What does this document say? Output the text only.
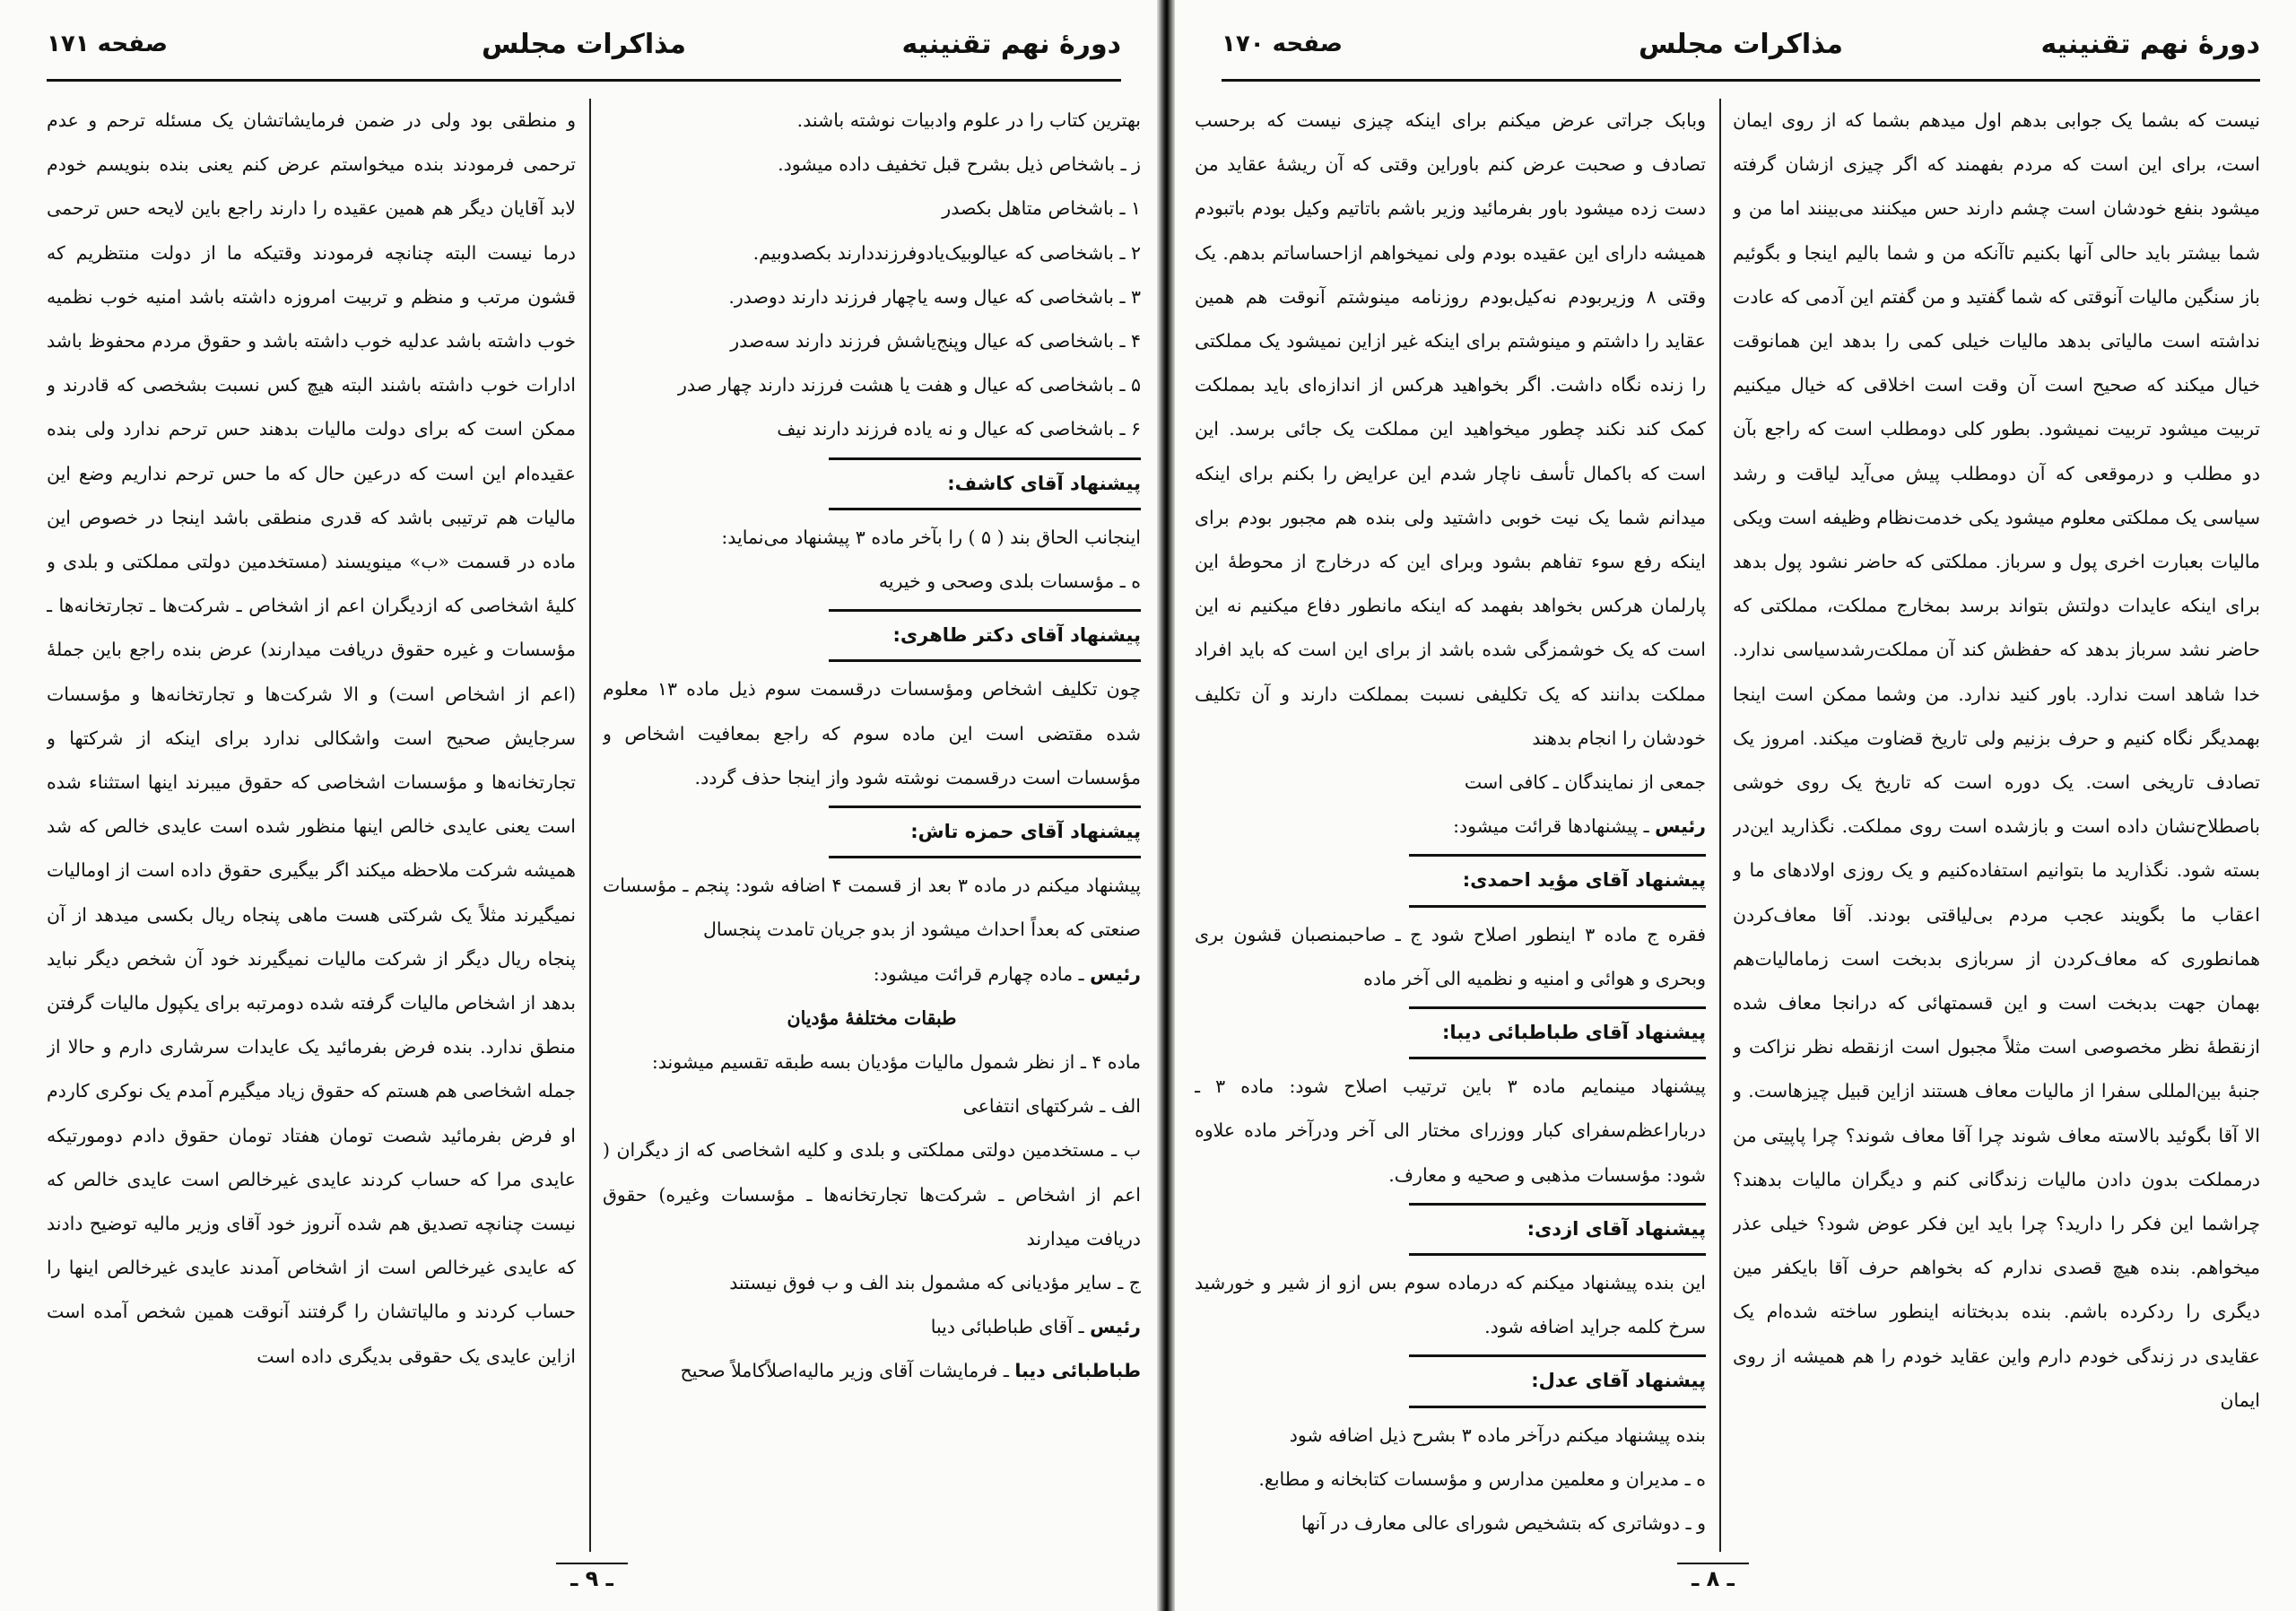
دورهٔ نهم تقنینیه
مذاکرات مجلس
صفحه ۱۷۱

بهترین کتاب را در علوم وادبیات نوشته باشند.

ز ـ باشخاص ذیل بشرح قبل تخفیف داده میشود.

۱ ـ باشخاص متاهل بکصدر

۲ ـ باشخاصی که عیالوبیک‌یادوفرزنددارند بکصدوبیم.

۳ ـ باشخاصی که عیال وسه یاچهار فرزند دارند دوصدر.

۴ ـ باشخاصی که عیال وپنج‌یاشش فرزند دارند سه‌صدر

۵ ـ باشخاصی که عیال و هفت یا هشت فرزند دارند چهار صدر

۶ ـ باشخاصی که عیال و نه یاده فرزند دارند نیف

پیشنهاد آقای کاشف:

اینجانب الحاق بند ( ۵ ) را بآخر ماده ۳ پیشنهاد می‌نماید:

ه ـ مؤسسات بلدی وصحی و خیریه

پیشنهاد آقای دکتر طاهری:

چون تکلیف اشخاص ومؤسسات درقسمت سوم ذیل ماده ۱۳ معلوم شده مقتضی است این ماده سوم که راجع بمعافیت اشخاص و مؤسسات است درقسمت نوشته شود واز اینجا حذف گردد.

پیشنهاد آقای حمزه تاش:

پیشنهاد میکنم در ماده ۳ بعد از قسمت ۴ اضافه شود: پنجم ـ مؤسسات صنعتی که بعداً احداث میشود از بدو جریان تامدت پنجسال

رئیس ـ ماده چهارم قرائت میشود:

طبقات مختلفهٔ مؤدیان

ماده ۴ ـ از نظر شمول مالیات مؤدیان بسه طبقه تقسیم میشوند:

الف ـ شرکتهای انتفاعی

ب ـ مستخدمین دولتی مملکتی و بلدی و کلیه اشخاصی که از دیگران ( اعم از اشخاص ـ شرکت‌ها تجارتخانه‌ها ـ مؤسسات وغیره) حقوق دریافت میدارند

ج ـ سایر مؤدیانی که مشمول بند الف و ب فوق نیستند

رئیس ـ آقای طباطبائی دیبا

طباطبائی دیبا ـ فرمایشات آقای وزیر مالیه‌اصلاً‌کاملاً صحیح

و منطقی بود ولی در ضمن فرمایشاتشان یک مسئله ترحم و عدم ترحمی فرمودند بنده میخواستم عرض کنم یعنی بنده بنویسم خودم لابد آقایان دیگر هم همین عقیده را دارند راجع باین لایحه حس ترحمی درما نیست البته چنانچه فرمودند وقتیکه ما از دولت منتظریم که قشون مرتب و منظم و تربیت امروزه داشته باشد امنیه خوب نظمیه خوب داشته باشد عدلیه خوب داشته باشد و حقوق مردم محفوظ باشد ادارات خوب داشته باشند البته هیچ کس نسبت بشخصی که قادرند و ممکن است که برای دولت مالیات بدهند حس ترحم ندارد ولی بنده عقیده‌ام این است که درعین حال که ما حس ترحم نداریم وضع این مالیات هم ترتیبی باشد که قدری منطقی باشد اینجا در خصوص این ماده در قسمت «ب» مینویسند (مستخدمین دولتی مملکتی و بلدی و کلیهٔ اشخاصی که ازدیگران اعم از اشخاص ـ شرکت‌ها ـ تجارتخانه‌ها ـ مؤسسات و غیره حقوق دریافت میدارند) عرض بنده راجع باین جملهٔ (اعم از اشخاص است) و الا شرکت‌ها و تجارتخانه‌ها و مؤسسات سرجایش صحیح است واشکالی ندارد برای اینکه از شرکتها و تجارتخانه‌ها و مؤسسات اشخاصی که حقوق میبرند اینها استثناء شده است یعنی عایدی خالص اینها منظور شده است عایدی خالص که شد همیشه شرکت ملاحظه میکند اگر بیگیری حقوق داده است از اوماليات نمیگیرند مثلاً یک شرکتی هست ماهی پنجاه ریال بکسی میدهد از آن پنجاه ریال دیگر از شرکت مالیات نمیگیرند خود آن شخص دیگر نباید بدهد از اشخاص مالیات گرفته شده دومرتبه برای یکپول مالیات گرفتن منطق ندارد. بنده فرض بفرمائید یک عایدات سرشاری دارم و حالا از جمله اشخاصی هم هستم که حقوق زیاد میگیرم آمدم یک نوکری کاردم او فرض بفرمائید شصت تومان هفتاد تومان حقوق دادم دومورتیکه عایدی مرا که حساب کردند عایدی غیرخالص است عایدی خالص که نیست چنانچه تصدیق هم شده آنروز خود آقای وزیر مالیه توضیح دادند که عایدی غیرخالص است از اشخاص آمدند عایدی غیرخالص اینها را حساب کردند و مالیاتشان را گرفتند آنوقت همین شخص آمده است ازاین عایدی یک حقوقی بدیگری داده است

ـ ۹ ـ
دورهٔ نهم تقنینیه
مذاکرات مجلس
صفحه ۱۷۰

نیست که بشما یک جوابی بدهم اول میدهم بشما که از روی ایمان است، برای این است که مردم بفهمند که اگر چیزی ازشان گرفته میشود بنفع خودشان است چشم دارند حس میکنند می‌بینند اما من و شما بیشتر باید حالی آنها بکنیم تاآنکه من و شما بالیم اینجا و بگوئیم باز سنگین مالیات آنوقتی که شما گفتید و من گفتم این آدمی که عادت نداشته است مالیاتی بدهد مالیات خیلی کمی را بدهد این همانوقت خیال میکند که صحیح است آن وقت است اخلاقی که خیال میکنیم تربیت میشود تربیت نمیشود. بطور کلی دومطلب است که راجع بآن دو مطلب و درموقعی که آن دومطلب پیش می‌آید لیاقت و رشد سیاسی یک مملکتی معلوم میشود یکی خدمت‌نظام وظیفه است ویکی مالیات بعبارت اخری پول و سرباز. مملکتی که حاضر نشود پول بدهد برای اینکه عایدات دولتش بتواند برسد بمخارج مملکت، مملکتی که حاضر نشد سرباز بدهد که حفظش کند آن مملکت‌رشدسیاسی ندارد. خدا شاهد است ندارد. باور کنید ندارد. من وشما ممکن است اینجا بهمدیگر نگاه کنیم و حرف بزنیم ولی تاریخ قضاوت میکند. امروز یک تصادف تاریخی است. یک دوره است که تاریخ یک روی خوشی باصطلاح‌نشان داده است و بازشده است روی مملکت. نگذارید این‌در بسته شود. نگذارید ما بتوانیم استفاده‌کنیم و یک روزی اولادهای ما و اعقاب ما بگویند عجب مردم بی‌لیاقتی بودند. آقا معاف‌کردن همانطوری که معاف‌کردن از سربازی بدبخت است زمامالیات‌هم بهمان جهت بدبخت است و این قسمتهائی که درانجا معاف شده ازنقطهٔ نظر مخصوصی است مثلاً مجبول است ازنقطه نظر نزاکت و جنبهٔ بین‌المللی سفرا از مالیات معاف هستند ازاین قبیل چیزهاست. و الا آقا بگوئید بالاسته معاف شوند چرا آقا معاف شوند؟ چرا پاپیتی من درمملکت بدون دادن مالیات زندگانی کنم و دیگران مالیات بدهند؟ چراشما این فکر را دارید؟ چرا باید این فکر عوض شود؟ خیلی عذر میخواهم. بنده هیچ قصدی ندارم که بخواهم حرف آقا بایکفر مین دیگری را ردکرده باشم. بنده بدبختانه اینطور ساخته شده‌ام یک عقایدی در زندگی خودم دارم واین عقاید خودم را هم همیشه از روی ایمان

وبابک جراتی عرض میکنم برای اینکه چیزی نیست که برحسب تصادف و صحبت عرض کنم باوراین وقتی که آن ریشهٔ عقاید من دست زده میشود باور بفرمائید وزیر باشم باتاتیم وکیل بودم باتبودم همیشه دارای این عقیده بودم ولی نمیخواهم ازاحساساتم بدهم. یک وقتی ۸ وزیربودم نه‌کیل‌بودم روزنامه مینوشتم آنوقت هم همین عقاید را داشتم و مینوشتم برای اینکه غیر ازاین نمیشود یک مملکتی را زنده نگاه داشت. اگر بخواهید هرکس از اندازه‌ای باید بمملکت کمک کند نکند چطور میخواهید این مملکت یک جائی برسد. این است که باکمال تأسف ناچار شدم این عرایض را بکنم برای اینکه میدانم شما یک نیت خوبی داشتید ولی بنده هم مجبور بودم برای اینکه رفع سوء تفاهم بشود وبرای این که درخارج از محوطهٔ این پارلمان هرکس بخواهد بفهمد که اینکه مانطور دفاع میکنیم نه این است که یک خوشمزگی شده باشد از برای این است که باید افراد مملکت بدانند که یک تکلیفی نسبت بمملکت دارند و آن تکلیف خودشان را انجام بدهند

جمعی از نمایندگان ـ کافی است

رئیس ـ پیشنهادها قرائت میشود:

پیشنهاد آقای مؤید احمدی:

فقره ج ماده ۳ اینطور اصلاح شود ج ـ صاحبمنصبان قشون بری وبحری و هوائی و امنیه و نظمیه الی آخر ماده

پیشنهاد آقای طباطبائی دیبا:

پیشنهاد مینمایم ماده ۳ باین ترتیب اصلاح شود: ماده ۳ ـ درباراعظم‌سفرای کبار ووزرای مختار الی آخر ودرآخر ماده علاوه شود: مؤسسات مذهبی و صحیه و معارف.

پیشنهاد آقای ازدی:

این بنده پیشنهاد میکنم که درماده سوم بس ازو از شیر و خورشید سرخ کلمه جراید اضافه شود.

پیشنهاد آقای عدل:

بنده پیشنهاد میکنم درآخر ماده ۳ بشرح ذیل اضافه شود

ه ـ مدیران و معلمین مدارس و مؤسسات کتابخانه و مطابع.

و ـ دوشاتری که بتشخیص شورای عالی معارف در آنها

ـ ۸ ـ
